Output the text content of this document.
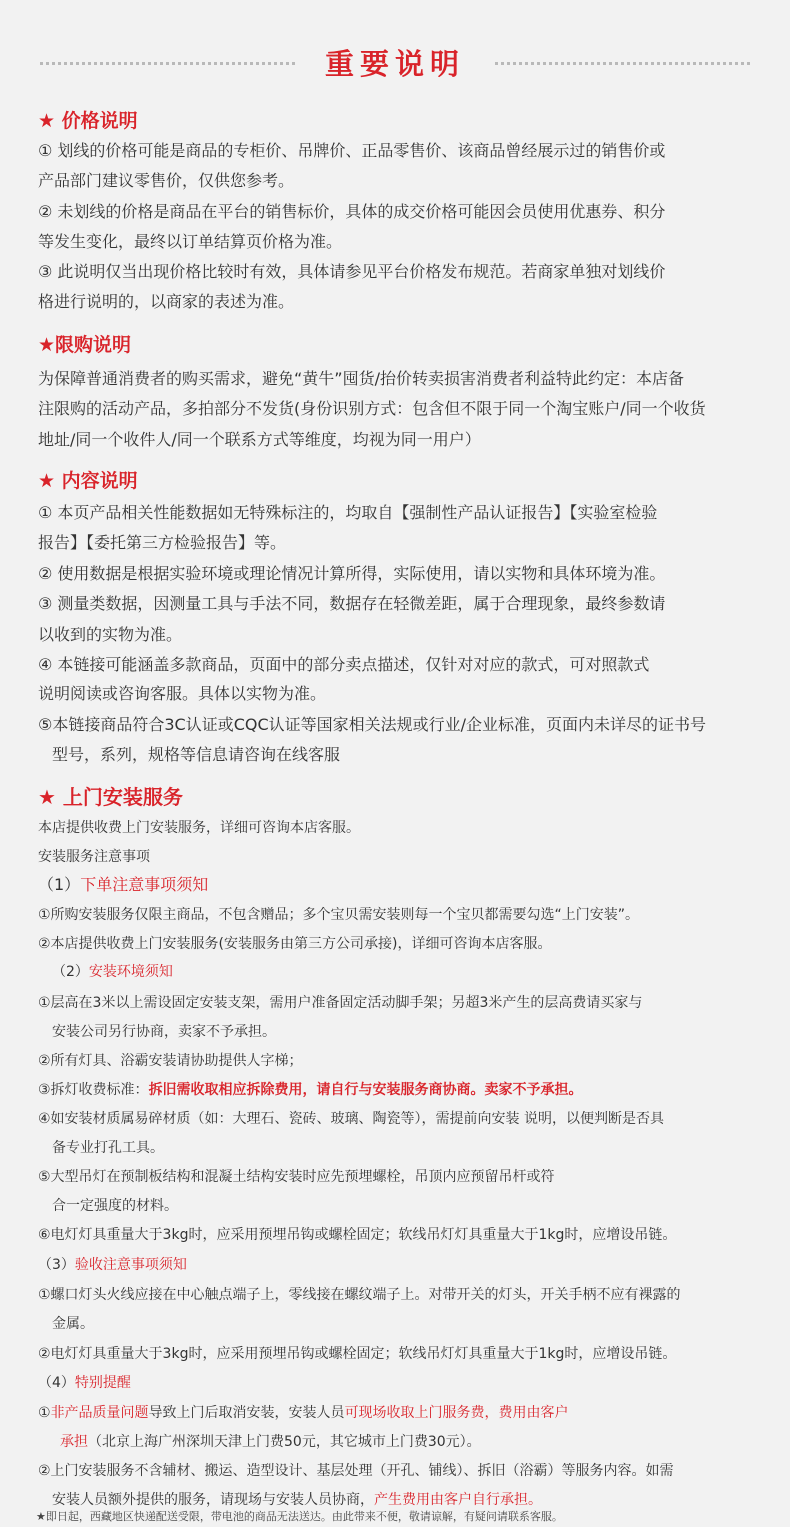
重要说明
★ 价格说明
① 划线的价格可能是商品的专柜价、吊牌价、正品零售价、该商品曾经展示过的销售价或
产品部门建议零售价，仅供您参考。
② 未划线的价格是商品在平台的销售标价，具体的成交价格可能因会员使用优惠券、积分
等发生变化，最终以订单结算页价格为准。
③ 此说明仅当出现价格比较时有效，具体请参见平台价格发布规范。若商家单独对划线价
格进行说明的，以商家的表述为准。
★限购说明
为保障普通消费者的购买需求，避免“黄牛”囤货/抬价转卖损害消费者利益特此约定：本店备
注限购的活动产品，多拍部分不发货(身份识别方式：包含但不限于同一个淘宝账户/同一个收货
地址/同一个收件人/同一个联系方式等维度，均视为同一用户）
★ 内容说明
① 本页产品相关性能数据如无特殊标注的，均取自【强制性产品认证报告】【实验室检验
报告】【委托第三方检验报告】等。
② 使用数据是根据实验环境或理论情况计算所得，实际使用，请以实物和具体环境为准。
③ 测量类数据，因测量工具与手法不同，数据存在轻微差距，属于合理现象，最终参数请
以收到的实物为准。
④ 本链接可能涵盖多款商品，页面中的部分卖点描述，仅针对对应的款式，可对照款式
说明阅读或咨询客服。具体以实物为准。
⑤本链接商品符合3C认证或CQC认证等国家相关法规或行业/企业标准，页面内未详尽的证书号
型号，系列，规格等信息请咨询在线客服
★ 上门安装服务
本店提供收费上门安装服务，详细可咨询本店客服。
安装服务注意事项
（1）下单注意事项须知
①所购安装服务仅限主商品，不包含赠品；多个宝贝需安装则每一个宝贝都需要勾选“上门安装”。
②本店提供收费上门安装服务(安装服务由第三方公司承接)，详细可咨询本店客服。
（2）安装环境须知
①层高在3米以上需设固定安装支架，需用户准备固定活动脚手架；另超3米产生的层高费请买家与
安装公司另行协商，卖家不予承担。
②所有灯具、浴霸安装请协助提供人字梯；
③拆灯收费标准：拆旧需收取相应拆除费用，请自行与安装服务商协商。卖家不予承担。
④如安装材质属易碎材质（如：大理石、瓷砖、玻璃、陶瓷等），需提前向安装 说明，以便判断是否具
备专业打孔工具。
⑤大型吊灯在预制板结构和混凝土结构安装时应先预埋螺栓，吊顶内应预留吊杆或符
合一定强度的材料。
⑥电灯灯具重量大于3kg时，应采用预埋吊钩或螺栓固定；软线吊灯灯具重量大于1kg时，应增设吊链。
（3）验收注意事项须知
①螺口灯头火线应接在中心触点端子上，零线接在螺纹端子上。对带开关的灯头，开关手柄不应有裸露的
金属。
②电灯灯具重量大于3kg时，应采用预埋吊钩或螺栓固定；软线吊灯灯具重量大于1kg时，应增设吊链。
（4）特别提醒
①非产品质量问题导致上门后取消安装，安装人员可现场收取上门服务费，费用由客户
承担（北京上海广州深圳天津上门费50元，其它城市上门费30元）。
②上门安装服务不含辅材、搬运、造型设计、基层处理（开孔、铺线）、拆旧（浴霸）等服务内容。如需
安装人员额外提供的服务，请现场与安装人员协商，产生费用由客户自行承担。
★即日起，西藏地区快递配送受限，带电池的商品无法送达。由此带来不便，敬请谅解，有疑问请联系客服。
